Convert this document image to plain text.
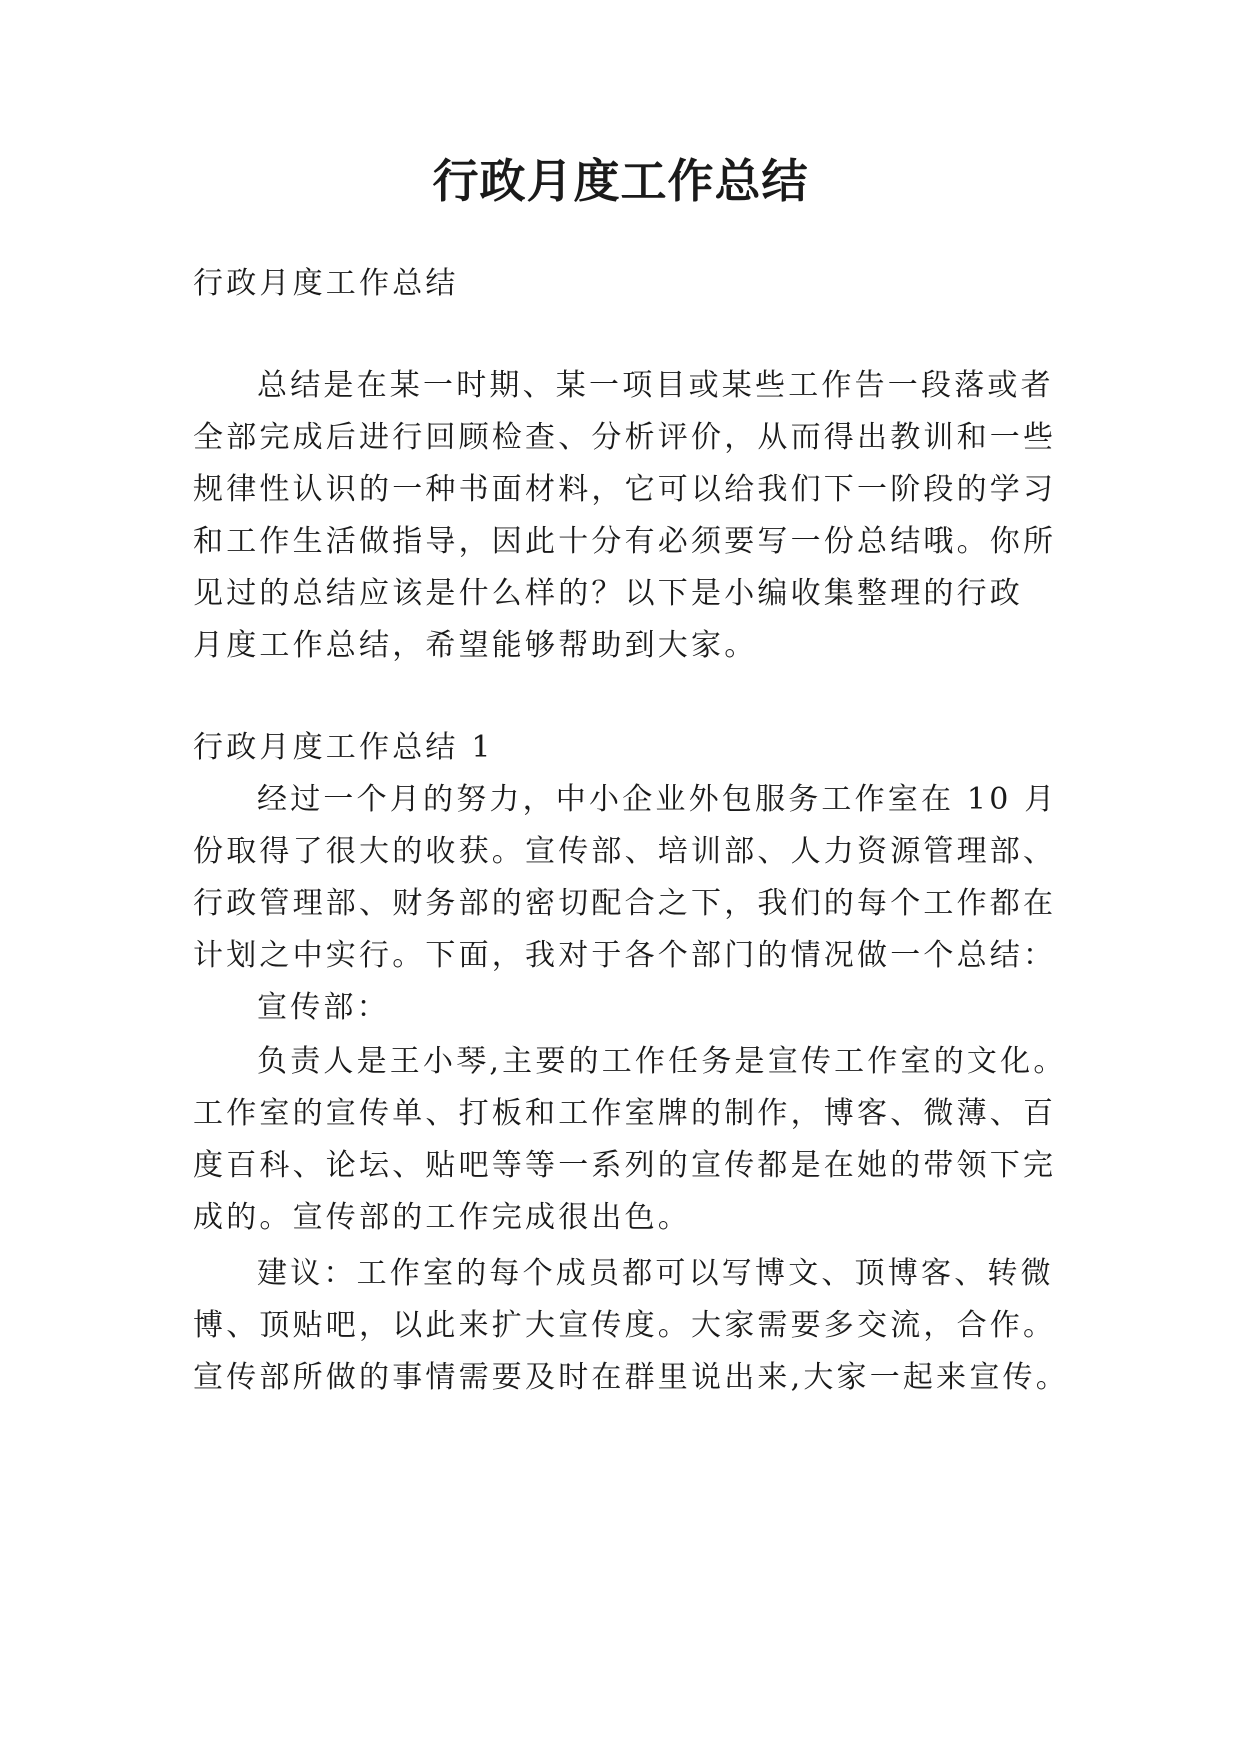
行政月度工作总结

行政月度工作总结

总结是在某一时期、某一项目或某些工作告一段落或者

全部完成后进行回顾检查、分析评价，从而得出教训和一些

规律性认识的一种书面材料，它可以给我们下一阶段的学习

和工作生活做指导，因此十分有必须要写一份总结哦。你所

见过的总结应该是什么样的？以下是小编收集整理的行政

月度工作总结，希望能够帮助到大家。

行政月度工作总结 1

经过一个月的努力，中小企业外包服务工作室在 10 月

份取得了很大的收获。宣传部、培训部、人力资源管理部、

行政管理部、财务部的密切配合之下，我们的每个工作都在

计划之中实行。下面，我对于各个部门的情况做一个总结：

宣传部：

负责人是王小琴,主要的工作任务是宣传工作室的文化。

工作室的宣传单、打板和工作室牌的制作，博客、微薄、百

度百科、论坛、贴吧等等一系列的宣传都是在她的带领下完

成的。宣传部的工作完成很出色。

建议：工作室的每个成员都可以写博文、顶博客、转微

博、顶贴吧，以此来扩大宣传度。大家需要多交流，合作。

宣传部所做的事情需要及时在群里说出来,大家一起来宣传。
